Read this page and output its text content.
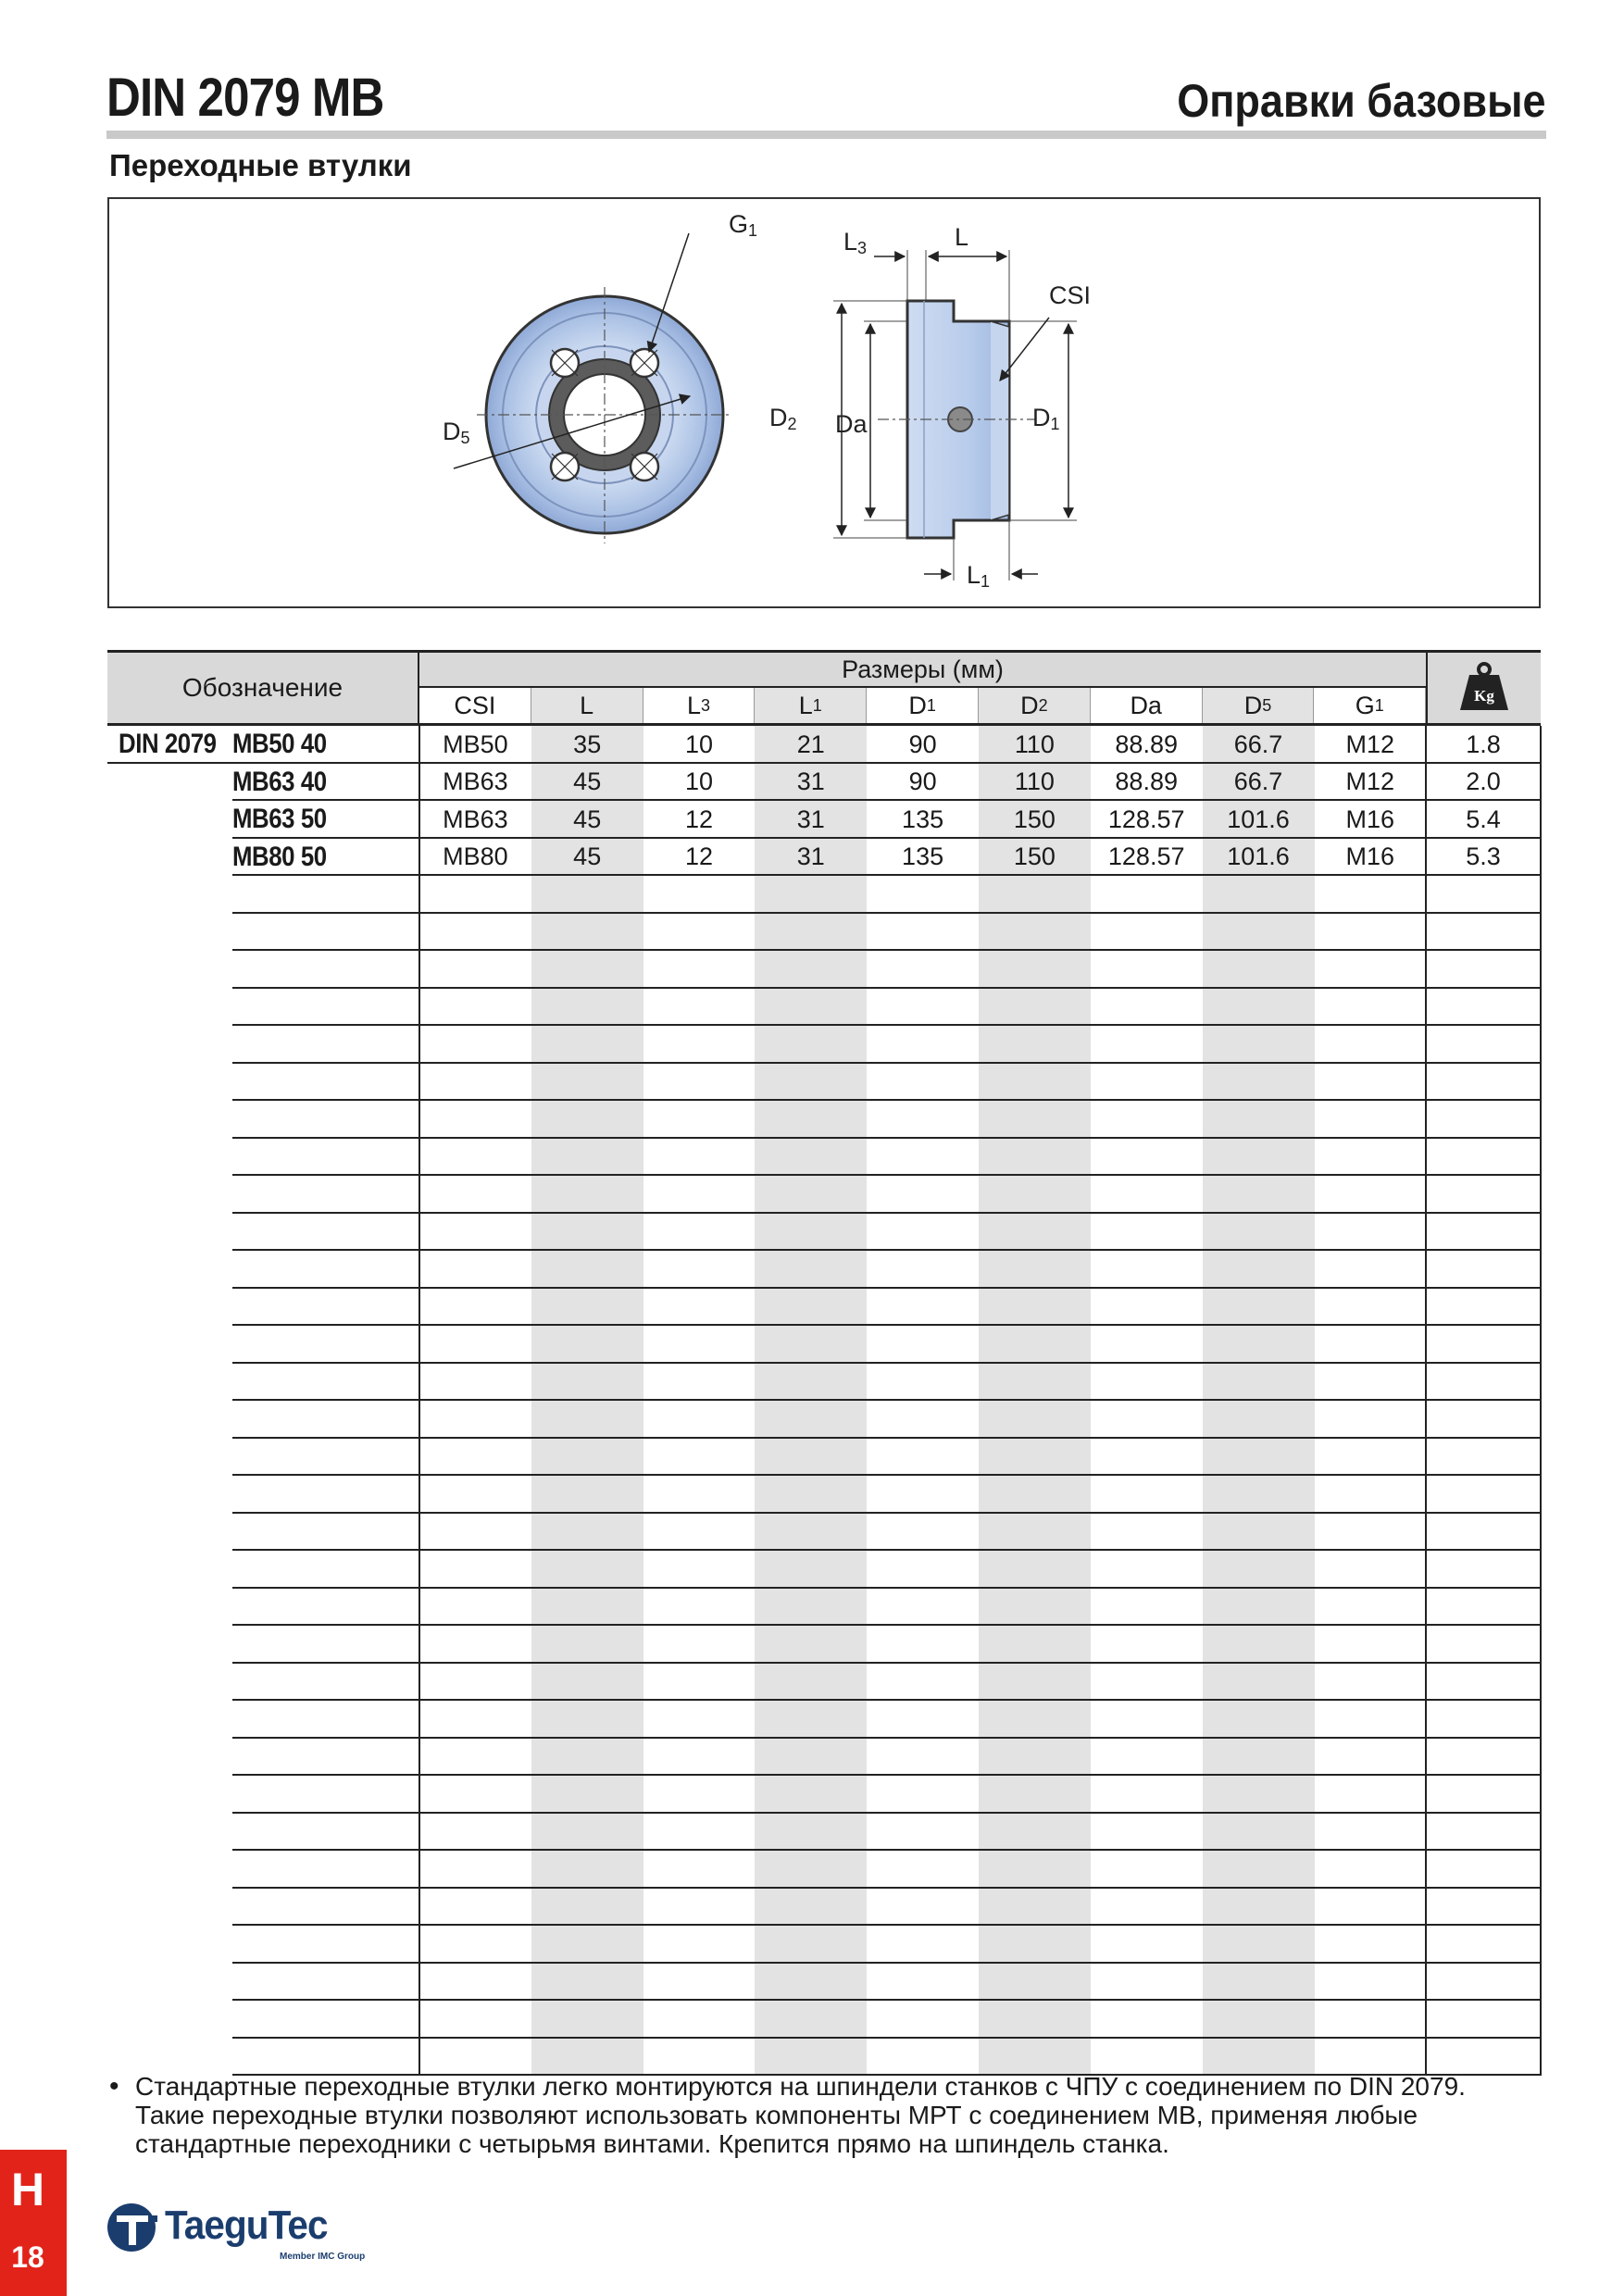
DIN 2079 MB	Оправки базовые
Переходные втулки
D5
G1
D2 Da	D1
L3	L
CSI
L1
Обозначение
Размеры (мм)
CSI	L	L 3	L 1	D 1	D 2	Da	D 5	G 1	Kg
DIN 2079 MB50 40	MB50	35	10	21	90	110	88.89	66.7	M12	1.8
MB63 40	MB63	45	10	31	90	110	88.89	66.7	M12	2.0
MB63 50	MB63	45	12	31	135	150	128.57	101.6	M16	5.4
MB80 50	MB80	45	12	31	135	150	128.57	101.6	M16	5.3
• Стандартные переходные втулки легко монтируются на шпиндели станков с ЧПУ с соединением по DIN 2079.
Такие переходные втулки позволяют использовать компоненты МРТ с соединением MB, применяя любые
стандартные переходники с четырьмя винтами. Крепится прямо на шпиндель станка.
H
18
TaeguTec
Member IMC Group
